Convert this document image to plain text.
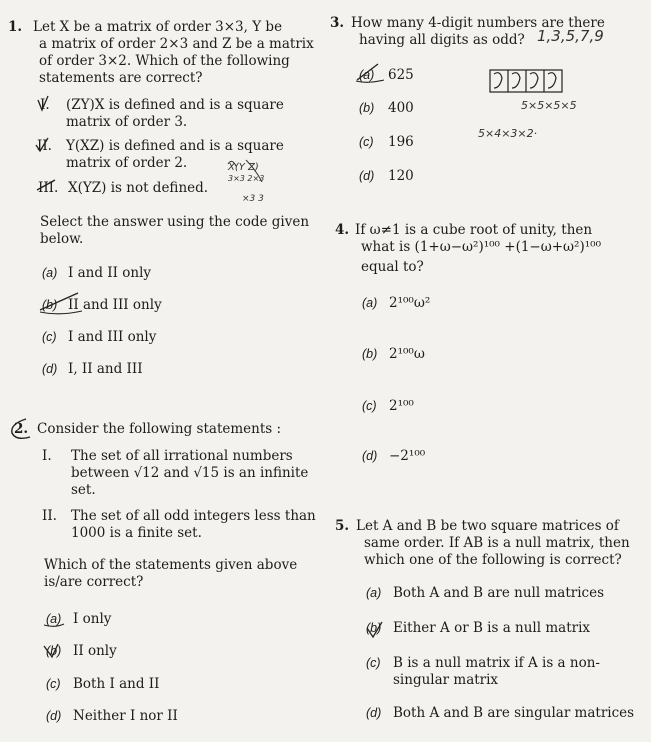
1. Let X be a matrix of order 3×3, Y be
a matrix of order 2×3 and Z be a matrix
of order 3×2. Which of the following
statements are correct?
I. (ZY)X is defined and is a square
matrix of order 3.
II. Y(XZ) is defined and is a square
matrix of order 2.
III. X(YZ) is not defined.
Select the answer using the code given
below.
(a) I and II only
(b) II and III only
(c) I and III only
(d) I, II and III
2. Consider the following statements :
I. The set of all irrational numbers
between √12 and √15 is an infinite
set.
II. The set of all odd integers less than
1000 is a finite set.
Which of the statements given above
is/are correct?
(a) I only
(b) II only
(c) Both I and II
(d) Neither I nor II
3. How many 4-digit numbers are there
having all digits as odd?
(a) 625
(b) 400
(c) 196
(d) 120
4. If ω≠1 is a cube root of unity, then
what is (1+ω−ω²)¹⁰⁰ +(1−ω+ω²)¹⁰⁰
equal to?
(a) 2¹⁰⁰ω²
(b) 2¹⁰⁰ω
(c) 2¹⁰⁰
(d) −2¹⁰⁰
5. Let A and B be two square matrices of
same order. If AB is a null matrix, then
which one of the following is correct?
(a) Both A and B are null matrices
(b) Either A or B is a null matrix
(c) B is a null matrix if A is a non-
singular matrix
(d) Both A and B are singular matrices
1,3,5,7,9
5×5×5×5
5×4×3×2·
X(Y Z)
3×3 2×3
×3 3
